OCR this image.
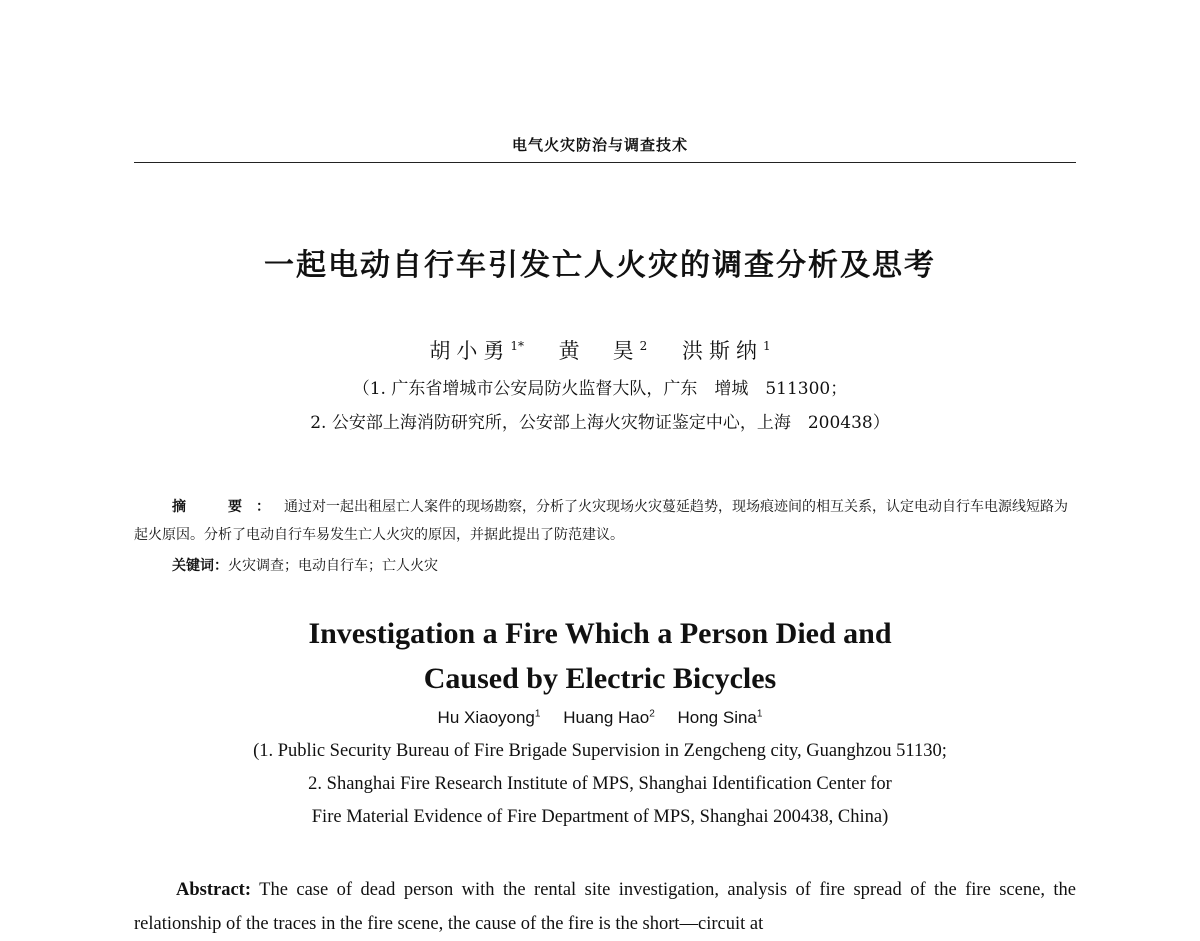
电气火灾防治与调查技术
一起电动自行车引发亡人火灾的调查分析及思考
胡小勇$^{1*}$ 黄　昊$^2$ 洪斯纳$^1$
（1. 广东省增城市公安局防火监督大队，广东　增城　511300；
2. 公安部上海消防研究所，公安部上海火灾物证鉴定中心，上海　200438）
摘　要：通过对一起出租屋亡人案件的现场勘察，分析了火灾现场火灾蔓延趋势，现场痕迹间的相互关系，认定电动自行车电源线短路为起火原因。分析了电动自行车易发生亡人火灾的原因，并据此提出了防范建议。
关键词：火灾调查；电动自行车；亡人火灾
Investigation a Fire Which a Person Died and
Caused by Electric Bicycles
Hu Xiaoyong$^1$ Huang Hao$^2$ Hong Sina$^1$
(1. Public Security Bureau of Fire Brigade Supervision in Zengcheng city, Guanghzou 51130;
2. Shanghai Fire Research Institute of MPS, Shanghai Identification Center for
Fire Material Evidence of Fire Department of MPS, Shanghai 200438, China)
Abstract: The case of dead person with the rental site investigation, analysis of fire spread of the fire scene, the relationship of the traces in the fire scene, the cause of the fire is the short—circuit at
